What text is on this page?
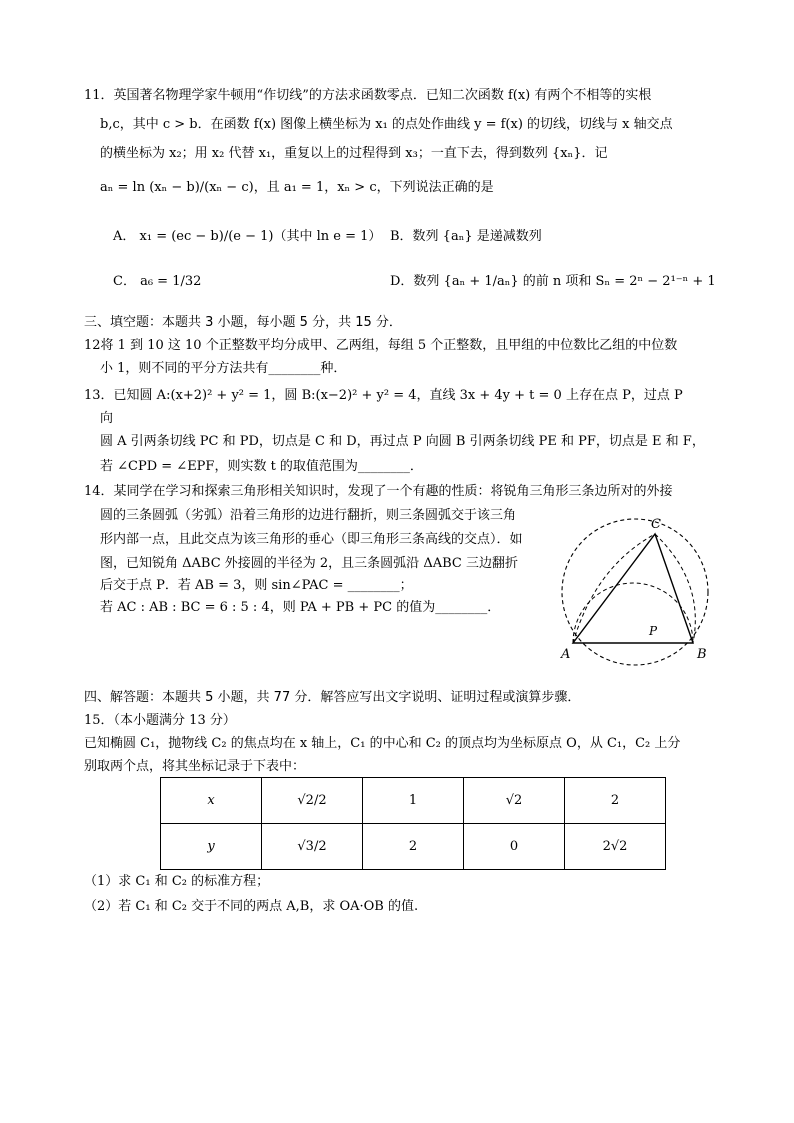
11．英国著名物理学家牛顿用“作切线”的方法求函数零点．已知二次函数 f(x) 有两个不相等的实根
b,c，其中 c > b．在函数 f(x) 图像上横坐标为 x₁ 的点处作曲线 y = f(x) 的切线，切线与 x 轴交点
的横坐标为 x₂；用 x₂ 代替 x₁，重复以上的过程得到 x₃；一直下去，得到数列 {xₙ}．记
aₙ = ln (xₙ − b)/(xₙ − c)，且 a₁ = 1，xₙ > c，下列说法正确的是
A． x₁ = (ec − b)/(e − 1)（其中 ln e = 1） B．数列 {aₙ} 是递减数列
C． a₆ = 1/32	D．数列 {aₙ + 1/aₙ} 的前 n 项和 Sₙ = 2ⁿ − 2¹⁻ⁿ + 1
三、填空题：本题共 3 小题，每小题 5 分，共 15 分．
12将 1 到 10 这 10 个正整数平均分成甲、乙两组，每组 5 个正整数，且甲组的中位数比乙组的中位数
小 1，则不同的平分方法共有________种．
13．已知圆 A:(x+2)² + y² = 1，圆 B:(x−2)² + y² = 4，直线 3x + 4y + t = 0 上存在点 P，过点 P
向
圆 A 引两条切线 PC 和 PD，切点是 C 和 D，再过点 P 向圆 B 引两条切线 PE 和 PF，切点是 E 和 F，
若 ∠CPD = ∠EPF，则实数 t 的取值范围为________．
14．某同学在学习和探索三角形相关知识时，发现了一个有趣的性质：将锐角三角形三条边所对的外接
圆的三条圆弧（劣弧）沿着三角形的边进行翻折，则三条圆弧交于该三角
形内部一点，且此交点为该三角形的垂心（即三角形三条高线的交点）．如
图，已知锐角 ΔABC 外接圆的半径为 2，且三条圆弧沿 ΔABC 三边翻折
后交于点 P．若 AB = 3，则 sin∠PAC = ________；
若 AC : AB : BC = 6 : 5 : 4，则 PA + PB + PC 的值为________．
A	B
C
P
四、解答题：本题共 5 小题，共 77 分．解答应写出文字说明、证明过程或演算步骤．
15．（本小题满分 13 分）
已知椭圆 C₁，抛物线 C₂ 的焦点均在 x 轴上，C₁ 的中心和 C₂ 的顶点均为坐标原点 O，从 C₁，C₂ 上分
别取两个点，将其坐标记录于下表中：
x	√2/2	1	√2	2
y	√3/2	2	0	2√2
（1）求 C₁ 和 C₂ 的标准方程；
（2）若 C₁ 和 C₂ 交于不同的两点 A,B，求 OA·OB 的值.
